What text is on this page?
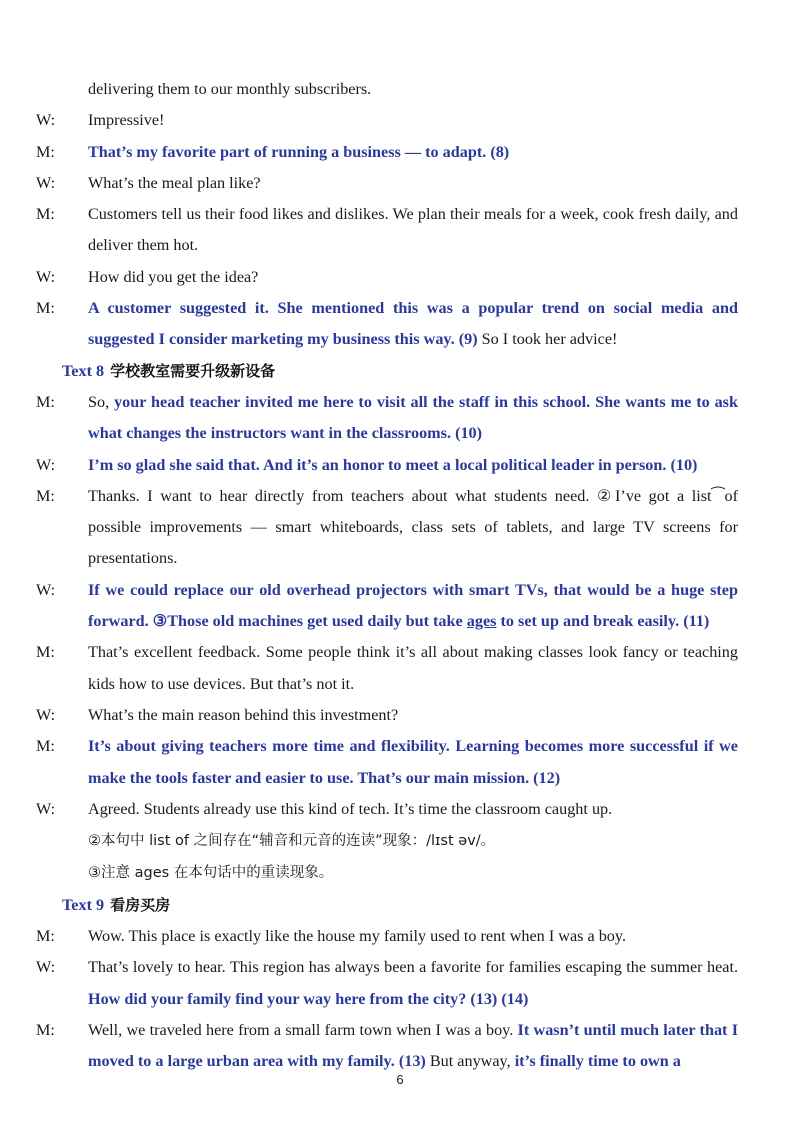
delivering them to our monthly subscribers.

W: Impressive!

M: That’s my favorite part of running a business — to adapt. (8)

W: What’s the meal plan like?

M: Customers tell us their food likes and dislikes. We plan their meals for a week, cook fresh daily, and deliver them hot.

W: How did you get the idea?

M: A customer suggested it. She mentioned this was a popular trend on social media and suggested I consider marketing my business this way. (9) So I took her advice!

Text 8 学校教室需要升级新设备

M: So, your head teacher invited me here to visit all the staff in this school. She wants me to ask what changes the instructors want in the classrooms. (10)

W: I’m so glad she said that. And it’s an honor to meet a local political leader in person. (10)

M: Thanks. I want to hear directly from teachers about what students need. ②I’ve got a list⁀of possible improvements — smart whiteboards, class sets of tablets, and large TV screens for presentations.

W: If we could replace our old overhead projectors with smart TVs, that would be a huge step forward. ③Those old machines get used daily but take ages to set up and break easily. (11)

M: That’s excellent feedback. Some people think it’s all about making classes look fancy or teaching kids how to use devices. But that’s not it.

W: What’s the main reason behind this investment?

M: It’s about giving teachers more time and flexibility. Learning becomes more successful if we make the tools faster and easier to use. That’s our main mission. (12)

W: Agreed. Students already use this kind of tech. It’s time the classroom caught up.

②本句中 list of 之间存在“辅音和元音的连读”现象：/lɪst əv/。
③注意 ages 在本句话中的重读现象。
Text 9 看房买房

M: Wow. This place is exactly like the house my family used to rent when I was a boy.

W: That’s lovely to hear. This region has always been a favorite for families escaping the summer heat. How did your family find your way here from the city? (13) (14)

M: Well, we traveled here from a small farm town when I was a boy. It wasn’t until much later that I moved to a large urban area with my family. (13) But anyway, it’s finally time to own a

6
